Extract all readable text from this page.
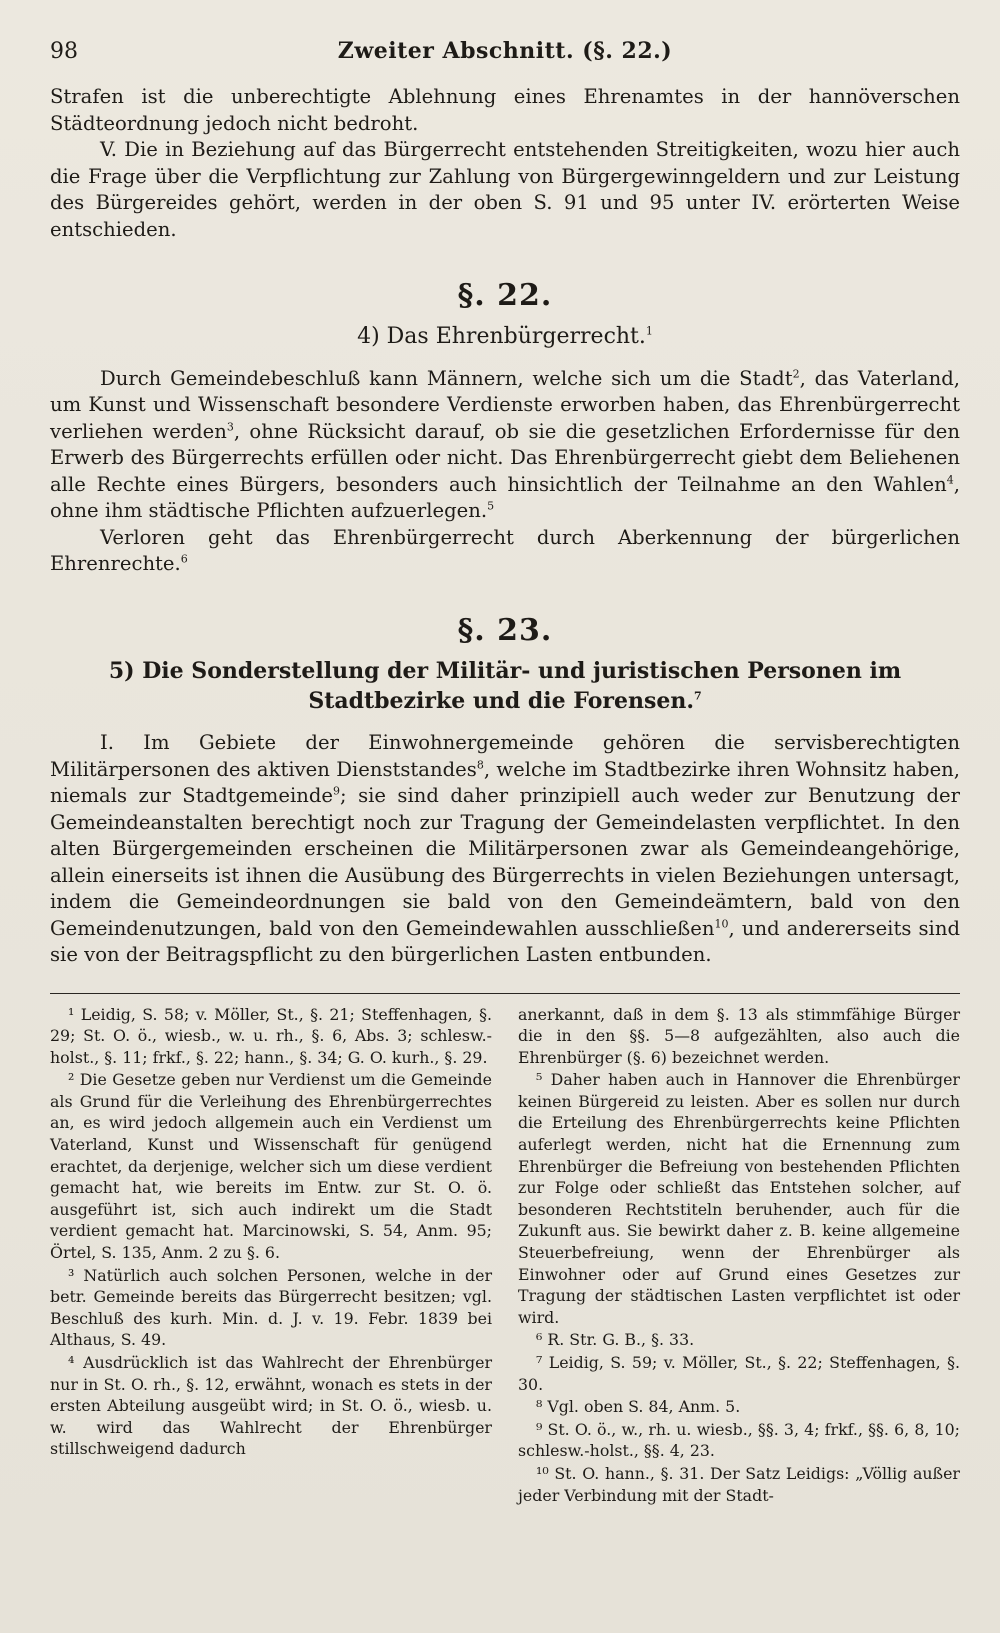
98	Zweiter Abschnitt. (§. 22.)

Strafen ist die unberechtigte Ablehnung eines Ehrenamtes in der hannöverschen Städteordnung jedoch nicht bedroht.

V. Die in Beziehung auf das Bürgerrecht entstehenden Streitigkeiten, wozu hier auch die Frage über die Verpflichtung zur Zahlung von Bürgergewinngeldern und zur Leistung des Bürgereides gehört, werden in der oben S. 91 und 95 unter IV. erörterten Weise entschieden.

§. 22.
4) Das Ehrenbürgerrecht.$^1$

Durch Gemeindebeschluß kann Männern, welche sich um die Stadt$^2$, das Vaterland, um Kunst und Wissenschaft besondere Verdienste erworben haben, das Ehrenbürgerrecht verliehen werden$^3$, ohne Rücksicht darauf, ob sie die gesetzlichen Erfordernisse für den Erwerb des Bürgerrechts erfüllen oder nicht. Das Ehrenbürgerrecht giebt dem Beliehenen alle Rechte eines Bürgers, besonders auch hinsichtlich der Teilnahme an den Wahlen$^4$, ohne ihm städtische Pflichten aufzuerlegen.$^5$

Verloren geht das Ehrenbürgerrecht durch Aberkennung der bürgerlichen Ehrenrechte.$^6$

§. 23.
5) Die Sonderstellung der Militär- und juristischen Personen im Stadtbezirke und die Forensen.$^7$

I. Im Gebiete der Einwohnergemeinde gehören die servisberechtigten Militärpersonen des aktiven Dienststandes$^8$, welche im Stadtbezirke ihren Wohnsitz haben, niemals zur Stadtgemeinde$^9$; sie sind daher prinzipiell auch weder zur Benutzung der Gemeindeanstalten berechtigt noch zur Tragung der Gemeindelasten verpflichtet. In den alten Bürgergemeinden erscheinen die Militärpersonen zwar als Gemeindeangehörige, allein einerseits ist ihnen die Ausübung des Bürgerrechts in vielen Beziehungen untersagt, indem die Gemeindeordnungen sie bald von den Gemeindeämtern, bald von den Gemeindenutzungen, bald von den Gemeindewahlen ausschließen$^{10}$, und andererseits sind sie von der Beitragspflicht zu den bürgerlichen Lasten entbunden.

¹ Leidig, S. 58; v. Möller, St., §. 21; Steffenhagen, §. 29; St. O. ö., wiesb., w. u. rh., §. 6, Abs. 3; schlesw.-holst., §. 11; frkf., §. 22; hann., §. 34; G. O. kurh., §. 29.

² Die Gesetze geben nur Verdienst um die Gemeinde als Grund für die Verleihung des Ehrenbürgerrechtes an, es wird jedoch allgemein auch ein Verdienst um Vaterland, Kunst und Wissenschaft für genügend erachtet, da derjenige, welcher sich um diese verdient gemacht hat, wie bereits im Entw. zur St. O. ö. ausgeführt ist, sich auch indirekt um die Stadt verdient gemacht hat. Marcinowski, S. 54, Anm. 95; Örtel, S. 135, Anm. 2 zu §. 6.

³ Natürlich auch solchen Personen, welche in der betr. Gemeinde bereits das Bürgerrecht besitzen; vgl. Beschluß des kurh. Min. d. J. v. 19. Febr. 1839 bei Althaus, S. 49.

⁴ Ausdrücklich ist das Wahlrecht der Ehrenbürger nur in St. O. rh., §. 12, erwähnt, wonach es stets in der ersten Abteilung ausgeübt wird; in St. O. ö., wiesb. u. w. wird das Wahlrecht der Ehrenbürger stillschweigend dadurch

anerkannt, daß in dem §. 13 als stimmfähige Bürger die in den §§. 5—8 aufgezählten, also auch die Ehrenbürger (§. 6) bezeichnet werden.

⁵ Daher haben auch in Hannover die Ehrenbürger keinen Bürgereid zu leisten. Aber es sollen nur durch die Erteilung des Ehrenbürgerrechts keine Pflichten auferlegt werden, nicht hat die Ernennung zum Ehrenbürger die Befreiung von bestehenden Pflichten zur Folge oder schließt das Entstehen solcher, auf besonderen Rechtstiteln beruhender, auch für die Zukunft aus. Sie bewirkt daher z. B. keine allgemeine Steuerbefreiung, wenn der Ehrenbürger als Einwohner oder auf Grund eines Gesetzes zur Tragung der städtischen Lasten verpflichtet ist oder wird.

⁶ R. Str. G. B., §. 33.

⁷ Leidig, S. 59; v. Möller, St., §. 22; Steffenhagen, §. 30.

⁸ Vgl. oben S. 84, Anm. 5.

⁹ St. O. ö., w., rh. u. wiesb., §§. 3, 4; frkf., §§. 6, 8, 10; schlesw.-holst., §§. 4, 23.

¹⁰ St. O. hann., §. 31. Der Satz Leidigs: „Völlig außer jeder Verbindung mit der Stadt-
